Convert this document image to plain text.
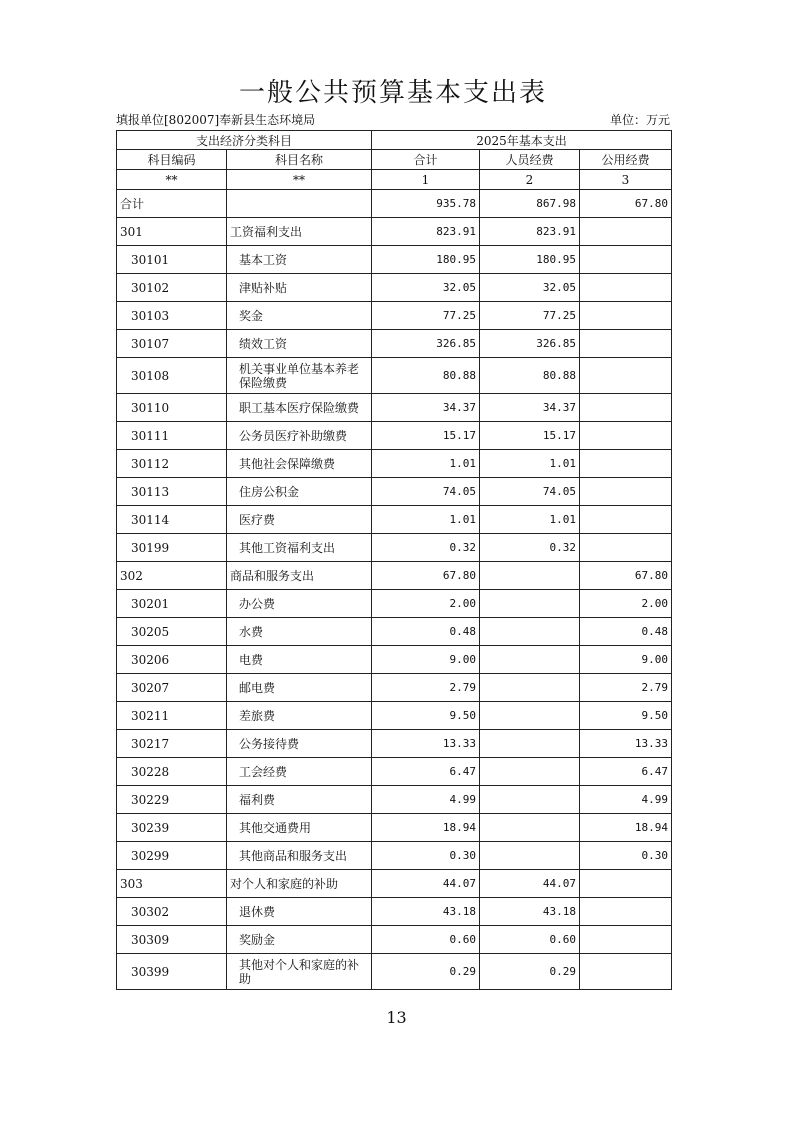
一般公共预算基本支出表
填报单位[802007]奉新县生态环境局	单位：万元
支出经济分类科目		2025年基本支出		
科目编码	科目名称	合计	人员经费	公用经费
**	**	1	2	3
合计		935.78	867.98	67.80
301	工资福利支出	823.91	823.91	
30101	基本工资	180.95	180.95	
30102	津贴补贴	32.05	32.05	
30103	奖金	77.25	77.25	
30107	绩效工资	326.85	326.85	
30108	机关事业单位基本养老保险缴费	80.88	80.88	
30110	职工基本医疗保险缴费	34.37	34.37	
30111	公务员医疗补助缴费	15.17	15.17	
30112	其他社会保障缴费	1.01	1.01	
30113	住房公积金	74.05	74.05	
30114	医疗费	1.01	1.01	
30199	其他工资福利支出	0.32	0.32	
302	商品和服务支出	67.80		67.80
30201	办公费	2.00		2.00
30205	水费	0.48		0.48
30206	电费	9.00		9.00
30207	邮电费	2.79		2.79
30211	差旅费	9.50		9.50
30217	公务接待费	13.33		13.33
30228	工会经费	6.47		6.47
30229	福利费	4.99		4.99
30239	其他交通费用	18.94		18.94
30299	其他商品和服务支出	0.30		0.30
303	对个人和家庭的补助	44.07	44.07	
30302	退休费	43.18	43.18	
30309	奖励金	0.60	0.60	
30399	其他对个人和家庭的补助	0.29	0.29	
13
